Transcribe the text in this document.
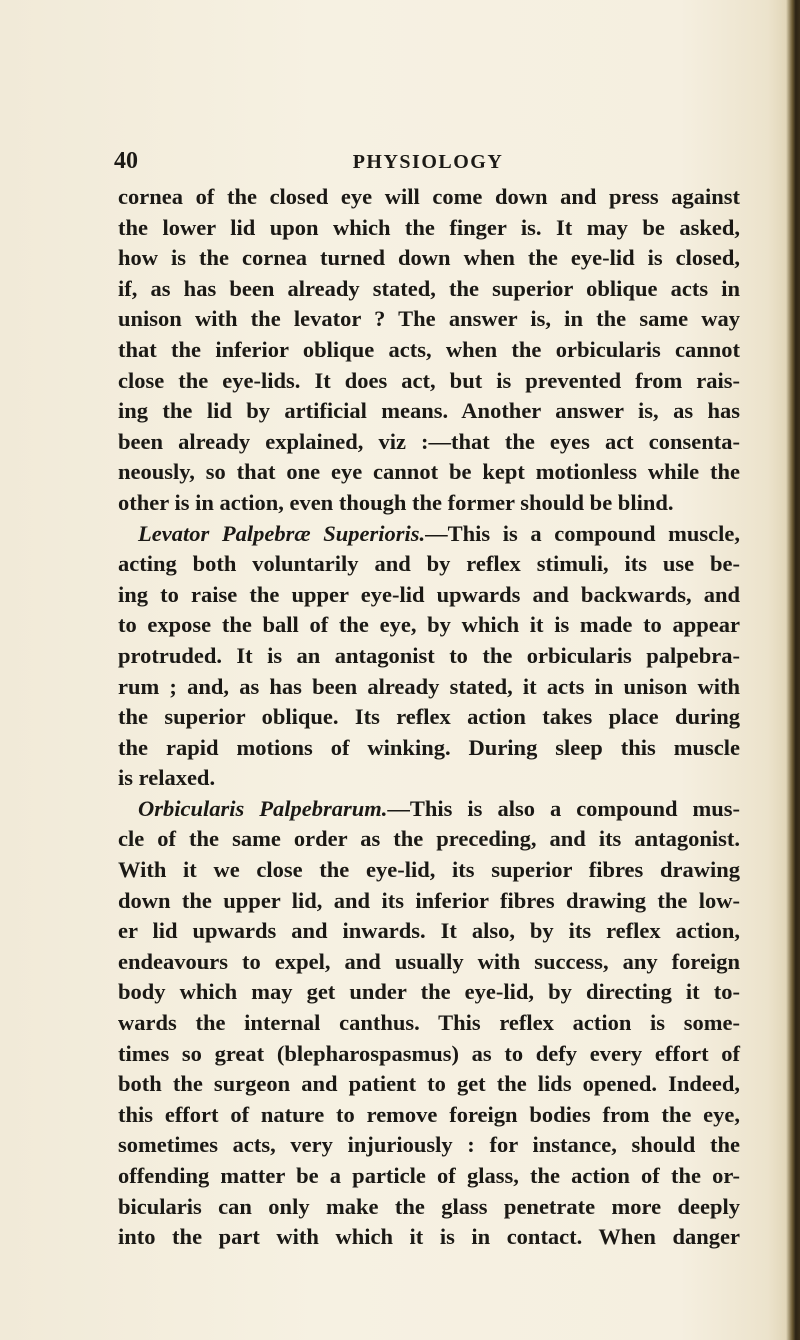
40	PHYSIOLOGY

cornea of the closed eye will come down and press against
the lower lid upon which the finger is. It may be asked,
how is the cornea turned down when the eye-lid is closed,
if, as has been already stated, the superior oblique acts in
unison with the levator ? The answer is, in the same way
that the inferior oblique acts, when the orbicularis cannot
close the eye-lids. It does act, but is prevented from rais-
ing the lid by artificial means. Another answer is, as has
been already explained, viz :—that the eyes act consenta-
neously, so that one eye cannot be kept motionless while the
other is in action, even though the former should be blind.

Levator Palpebræ Superioris.—This is a compound muscle,
acting both voluntarily and by reflex stimuli, its use be-
ing to raise the upper eye-lid upwards and backwards, and
to expose the ball of the eye, by which it is made to appear
protruded. It is an antagonist to the orbicularis palpebra-
rum ; and, as has been already stated, it acts in unison with
the superior oblique. Its reflex action takes place during
the rapid motions of winking. During sleep this muscle
is relaxed.

Orbicularis Palpebrarum.—This is also a compound mus-
cle of the same order as the preceding, and its antagonist.
With it we close the eye-lid, its superior fibres drawing
down the upper lid, and its inferior fibres drawing the low-
er lid upwards and inwards. It also, by its reflex action,
endeavours to expel, and usually with success, any foreign
body which may get under the eye-lid, by directing it to-
wards the internal canthus. This reflex action is some-
times so great (blepharospasmus) as to defy every effort of
both the surgeon and patient to get the lids opened. Indeed,
this effort of nature to remove foreign bodies from the eye,
sometimes acts, very injuriously : for instance, should the
offending matter be a particle of glass, the action of the or-
bicularis can only make the glass penetrate more deeply
into the part with which it is in contact. When danger
